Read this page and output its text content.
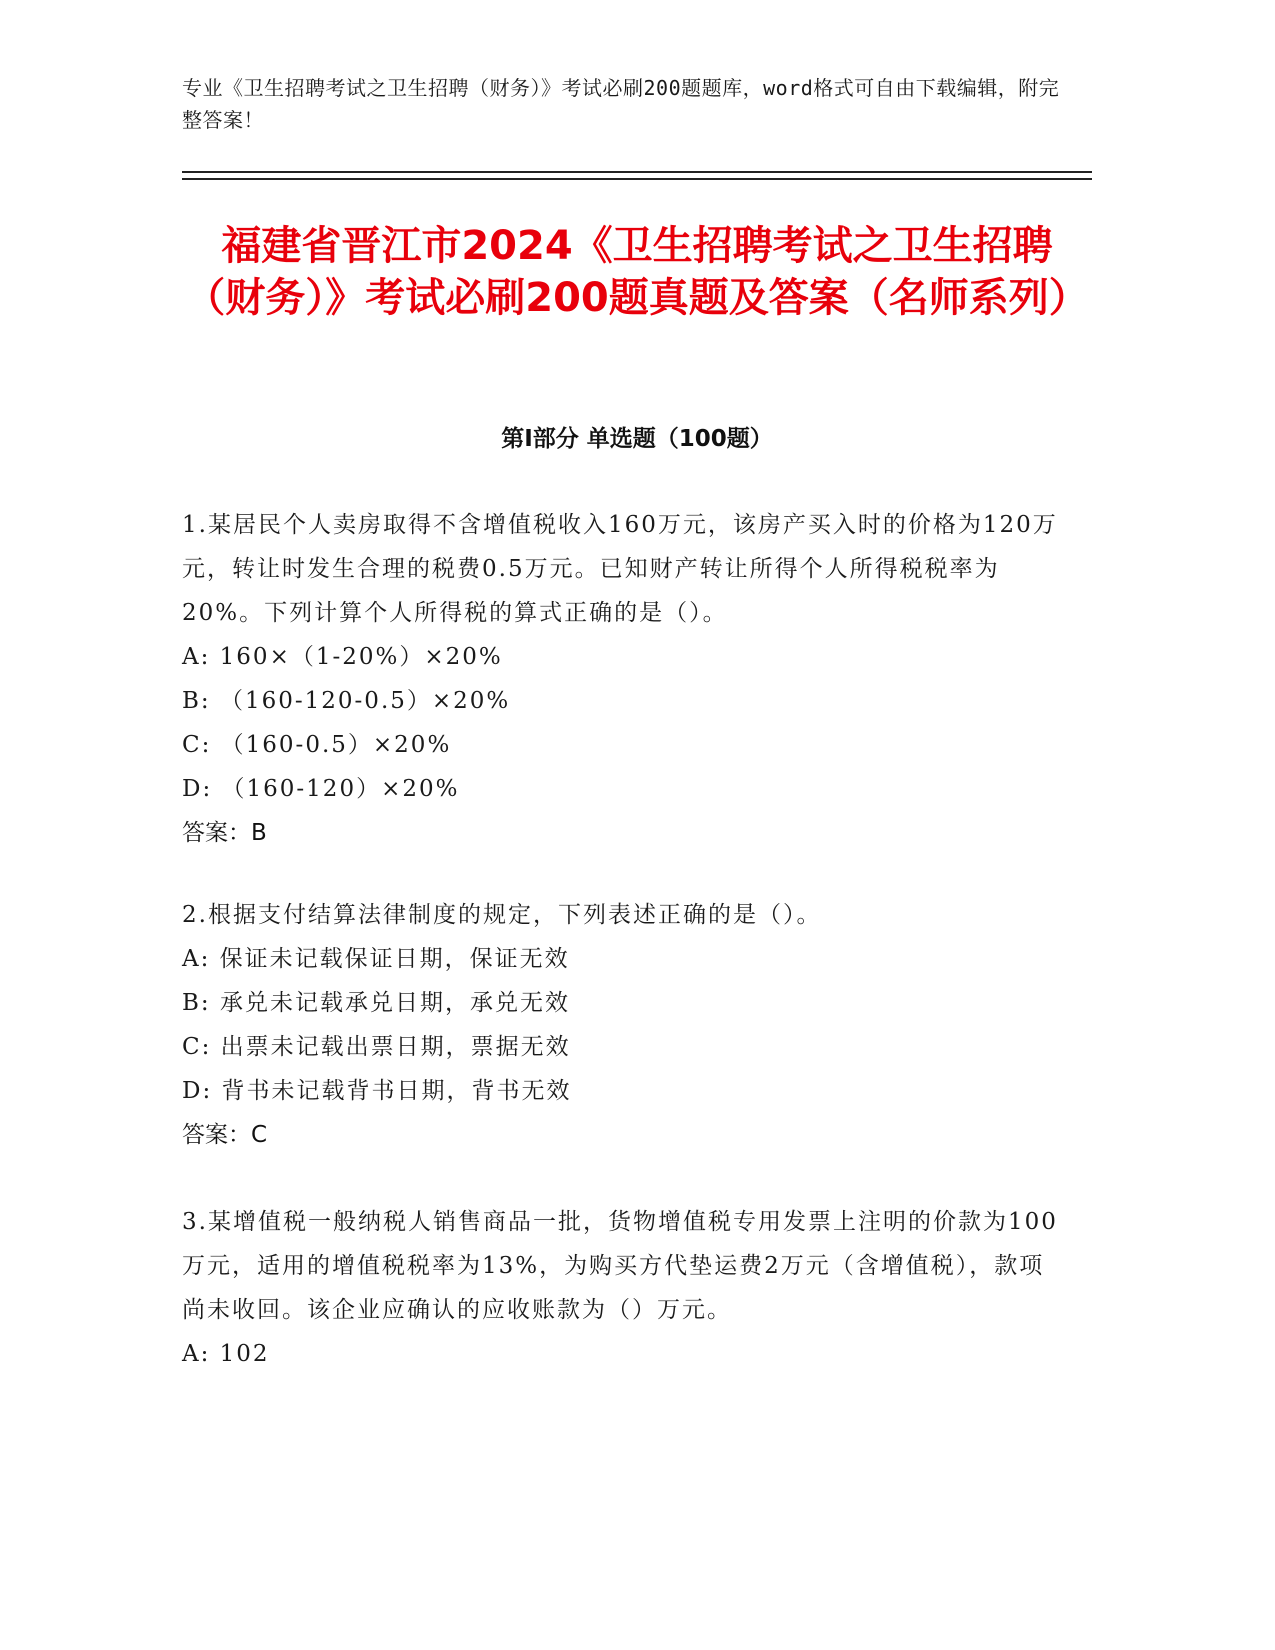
专业《卫生招聘考试之卫生招聘（财务）》考试必刷200题题库，word格式可自由下载编辑，附完整答案！
福建省晋江市2024《卫生招聘考试之卫生招聘（财务）》考试必刷200题真题及答案（名师系列）
第I部分 单选题（100题）

1.某居民个人卖房取得不含增值税收入160万元，该房产买入时的价格为120万元，转让时发生合理的税费0.5万元。已知财产转让所得个人所得税税率为20%。下列计算个人所得税的算式正确的是（）。

A: 160×（1-20%）×20%

B: （160-120-0.5）×20%

C: （160-0.5）×20%

D: （160-120）×20%

答案：B

2.根据支付结算法律制度的规定，下列表述正确的是（）。

A: 保证未记载保证日期，保证无效

B: 承兑未记载承兑日期，承兑无效

C: 出票未记载出票日期，票据无效

D: 背书未记载背书日期，背书无效

答案：C

3.某增值税一般纳税人销售商品一批，货物增值税专用发票上注明的价款为100万元，适用的增值税税率为13%，为购买方代垫运费2万元（含增值税），款项尚未收回。该企业应确认的应收账款为（）万元。

A: 102
